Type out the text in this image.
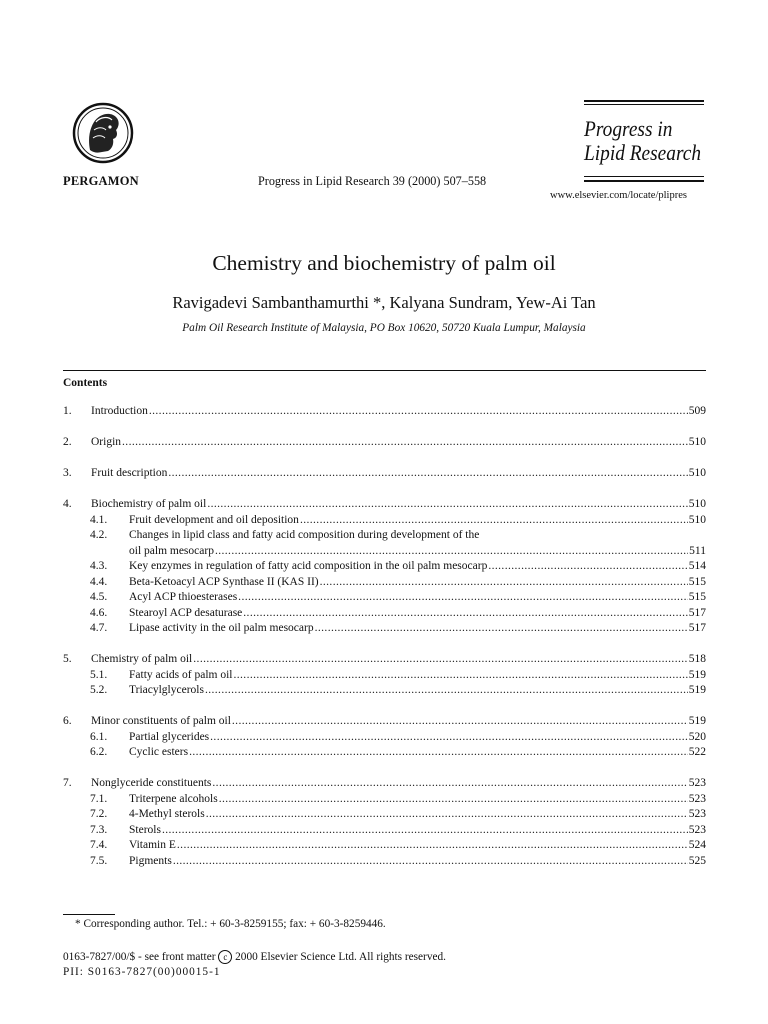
PERGAMON	Progress in Lipid Research 39 (2000) 507–558
Progress in
Lipid Research
www.elsevier.com/locate/plipres
Chemistry and biochemistry of palm oil
Ravigadevi Sambanthamurthi *, Kalyana Sundram, Yew-Ai Tan
Palm Oil Research Institute of Malaysia, PO Box 10620, 50720 Kuala Lumpur, Malaysia
Contents
1. Introduction .....	509
2. Origin .....	510
3. Fruit description .....	510
4. Biochemistry of palm oil .....	510
4.1. Fruit development and oil deposition .....	510
4.2. Changes in lipid class and fatty acid composition during development of the
oil palm mesocarp .....	511
4.3. Key enzymes in regulation of fatty acid composition in the oil palm mesocarp .....	514
4.4. Beta-Ketoacyl ACP Synthase II (KAS II) .....	515
4.5. Acyl ACP thioesterases .....	515
4.6. Stearoyl ACP desaturase .....	517
4.7. Lipase activity in the oil palm mesocarp .....	517
5. Chemistry of palm oil .....	518
5.1. Fatty acids of palm oil .....	519
5.2. Triacylglycerols .....	519
6. Minor constituents of palm oil .....	519
6.1. Partial glycerides .....	520
6.2. Cyclic esters .....	522
7. Nonglyceride constituents .....	523
7.1. Triterpene alcohols .....	523
7.2. 4-Methyl sterols .....	523
7.3. Sterols .....	523
7.4. Vitamin E .....	524
7.5. Pigments .....	525
* Corresponding author. Tel.: + 60-3-8259155; fax: + 60-3-8259446.
0163-7827/00/$ - see front matter c 2000 Elsevier Science Ltd. All rights reserved.
PII: S0163-7827(00)00015-1
